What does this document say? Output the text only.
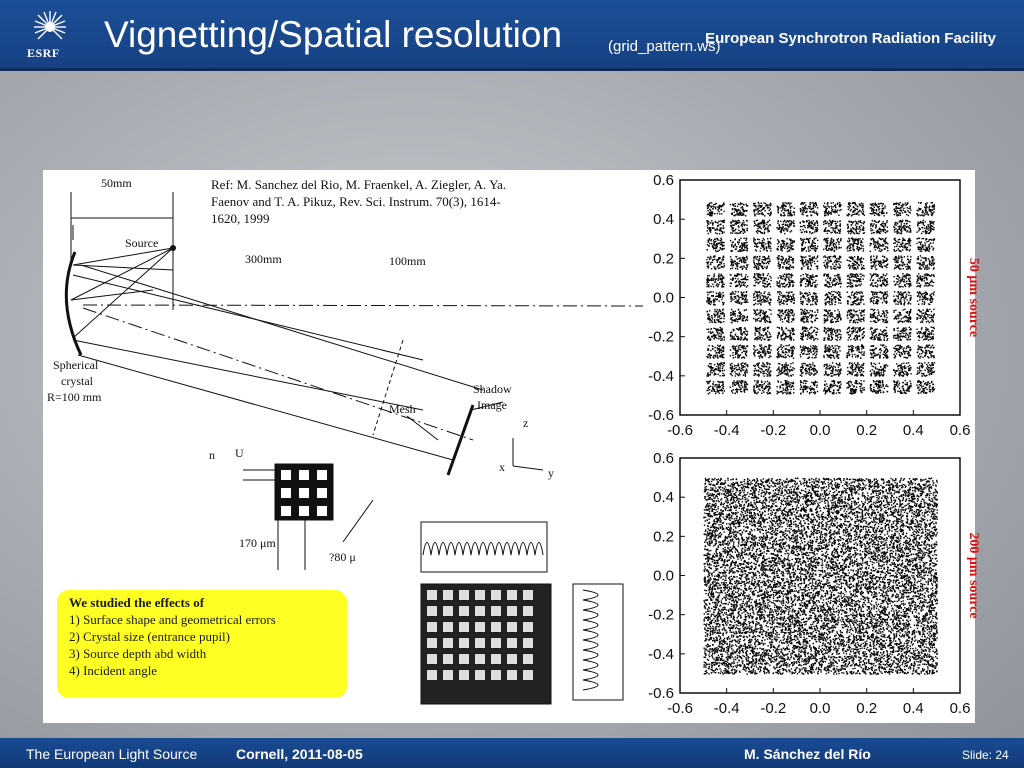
ESRF Vignetting/Spatial resolution	(grid_pattern.ws)
European Synchrotron Radiation Facility
Ref: M. Sanchez del Rio, M. Fraenkel, A. Ziegler, A. Ya. Faenov and T. A. Pikuz, Rev. Sci. Instrum. 70(3), 1614-1620, 1999
50mm
Source
300mm	100mm
Spherical
crystal
R=100 mm
Mesh
Shadow
Image
z
x	y
n U
170 μm
?80 μ
We studied the effects of
1) Surface shape and geometrical errors
2) Crystal size (entrance pupil)
3) Source depth abd width
4) Incident angle
-0.6 -0.4 -0.2 0.0 0.2 0.4 0.6
0.6
0.4
0.2
0.0
-0.2
-0.4
-0.6
50 μm source
-0.6 -0.4 -0.2 0.0 0.2 0.4 0.6
0.6
0.4
0.2
0.0
-0.2
-0.4
-0.6
200 μm source
The European Light Source	Cornell, 2011-08-05	M. Sánchez del Río	Slide: 24
